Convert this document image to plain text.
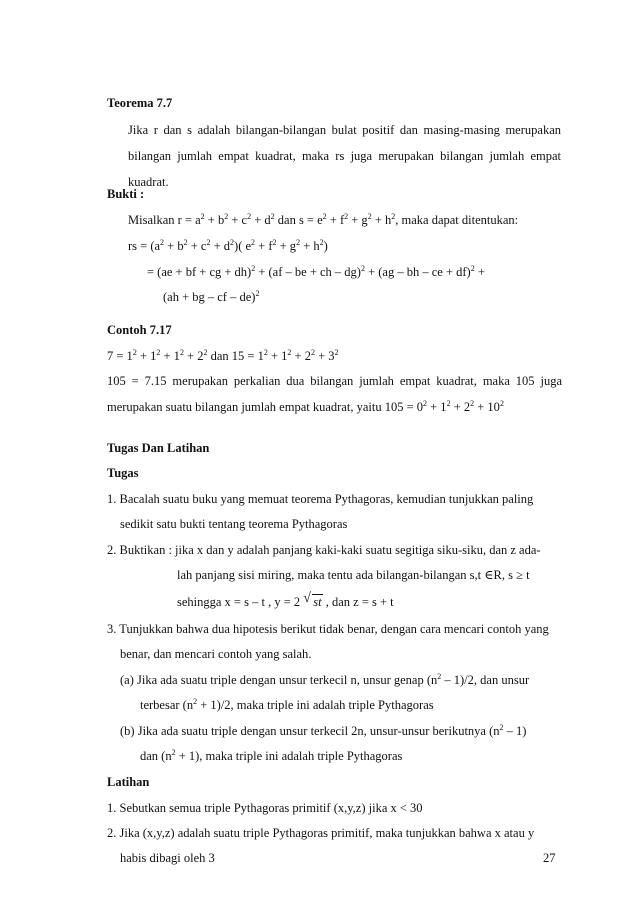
Teorema 7.7
Jika r dan s adalah bilangan-bilangan bulat positif dan masing-masing merupakan
bilangan jumlah empat kuadrat, maka rs juga merupakan bilangan jumlah empat
kuadrat.
Bukti :
Misalkan $r = a^2 + b^2 + c^2 + d^2$ dan $s = e^2 + f^2 + g^2 + h^2$, maka dapat ditentukan:
rs = $(a^2 + b^2 + c^2 + d^2)$( $e^2 + f^2 + g^2 + h^2$)
= (ae + bf + cg + dh)$^2$ + (af – be + ch – dg)$^2$ + (ag – bh – ce + df)$^2$ +
(ah + bg – cf – de)$^2$
Contoh 7.17
$7 = 1^2 + 1^2 + 1^2 + 2^2$ dan $15 = 1^2 + 1^2 + 2^2 + 3^2$
105 = 7.15 merupakan perkalian dua bilangan jumlah empat kuadrat, maka 105 juga
merupakan suatu bilangan jumlah empat kuadrat, yaitu $105 = 0^2 + 1^2 + 2^2 + 10^2$
Tugas Dan Latihan
Tugas
1. Bacalah suatu buku yang memuat teorema Pythagoras, kemudian tunjukkan paling
sedikit satu bukti tentang teorema Pythagoras
2. Buktikan : jika x dan y adalah panjang kaki-kaki suatu segitiga siku-siku, dan z ada-
lah panjang sisi miring, maka tentu ada bilangan-bilangan s,t ∈R, s ≥ t
sehingga x = s – t , y = 2 √ st , dan z = s + t
3. Tunjukkan bahwa dua hipotesis berikut tidak benar, dengan cara mencari contoh yang
benar, dan mencari contoh yang salah.
(a) Jika ada suatu triple dengan unsur terkecil n, unsur genap $(n^2 - 1)/2$, dan unsur
terbesar $(n^2 + 1)/2$, maka triple ini adalah triple Pythagoras
(b) Jika ada suatu triple dengan unsur terkecil 2n, unsur-unsur berikutnya $(n^2 - 1)$
dan $(n^2 + 1)$, maka triple ini adalah triple Pythagoras
Latihan
1. Sebutkan semua triple Pythagoras primitif (x,y,z) jika x < 30
2. Jika (x,y,z) adalah suatu triple Pythagoras primitif, maka tunjukkan bahwa x atau y
habis dibagi oleh 3	27
